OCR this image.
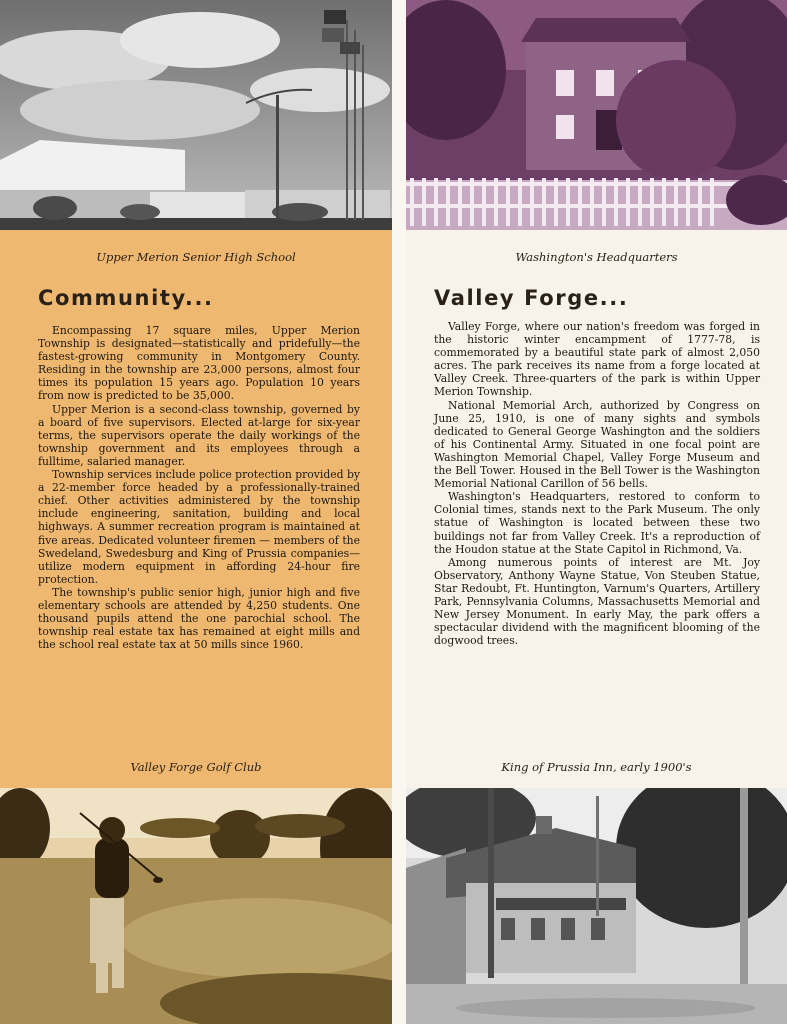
Upper Merion Senior High School
Community...

Encompassing 17 square miles, Upper Merion Township is designated—statistically and pridefully—the fastest-growing community in Montgomery County. Residing in the township are 23,000 persons, almost four times its population 15 years ago. Population 10 years from now is predicted to be 35,000.

Upper Merion is a second-class township, governed by a board of five supervisors. Elected at-large for six-year terms, the supervisors operate the daily workings of the township government and its employees through a fulltime, salaried manager.

Township services include police protection provided by a 22-member force headed by a professionally-trained chief. Other activities administered by the township include engineering, sanitation, building and local highways. A summer recreation program is maintained at five areas. Dedicated volunteer firemen — members of the Swedeland, Swedesburg and King of Prussia companies—utilize modern equipment in affording 24-hour fire protection.

The township's public senior high, junior high and five elementary schools are attended by 4,250 students. One thousand pupils attend the one parochial school. The township real estate tax has remained at eight mills and the school real estate tax at 50 mills since 1960.

Valley Forge Golf Club
Washington's Headquarters
Valley Forge...

Valley Forge, where our nation's freedom was forged in the historic winter encampment of 1777-78, is commemorated by a beautiful state park of almost 2,050 acres. The park receives its name from a forge located at Valley Creek. Three-quarters of the park is within Upper Merion Township.

National Memorial Arch, authorized by Congress on June 25, 1910, is one of many sights and symbols dedicated to General George Washington and the soldiers of his Continental Army. Situated in one focal point are Washington Memorial Chapel, Valley Forge Museum and the Bell Tower. Housed in the Bell Tower is the Washington Memorial National Carillon of 56 bells.

Washington's Headquarters, restored to conform to Colonial times, stands next to the Park Museum. The only statue of Washington is located between these two buildings not far from Valley Creek. It's a reproduction of the Houdon statue at the State Capitol in Richmond, Va.

Among numerous points of interest are Mt. Joy Observatory, Anthony Wayne Statue, Von Steuben Statue, Star Redoubt, Ft. Huntington, Varnum's Quarters, Artillery Park, Pennsylvania Columns, Massachusetts Memorial and New Jersey Monument. In early May, the park offers a spectacular dividend with the magnificent blooming of the dogwood trees.

King of Prussia Inn, early 1900's
